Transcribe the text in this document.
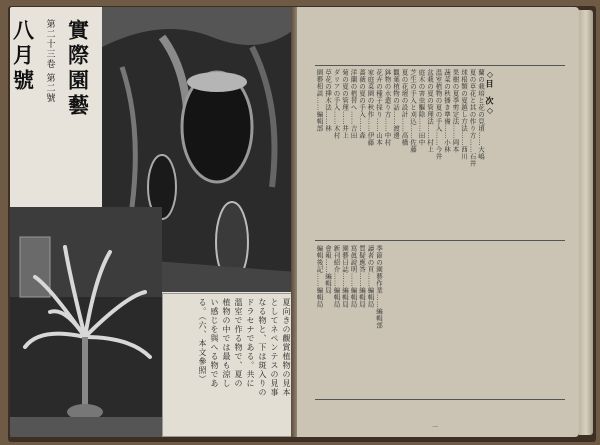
實際園藝
第二十三卷 第二號
八月號
夏向きの觀賞植物の見本
としてネペンテスの見事
なる物と、下は斑入りの
ドラセナである。共に
溫室で作る物で、夏の
植物の中では最も涼し
い感じを與へる物であ
る。（六、本文參照）
◇目　次◇
蘭の栽培と花の見頃……大嶋
夏の草花と其の作り方……石井
球根類の夏越し方法……西川
果樹の夏季剪定法……岡本
蔬菜の秋播き準備……小林
温室植物の夏の手入……今井
盆栽の夏の管理法……村上
庭木の害虫驅除……田中
芝生の手入と刈込……佐藤
夏の花壇の設計……高橋
觀葉植物の話……渡邊
鉢物の水遣り方……中村
花卉の種子採り……山本
家庭菜園の秋作……伊藤
薔薇の夏の手入……森
洋蘭の植替へ……吉田
菊の夏の管理……井上
ダリアの手入……木村
草花の挿木法……林
園藝相談……編輯部
季節の園藝作業……編輯部
讀者の頁……編輯局
質疑應答……編輯局
寫眞說明……編輯局
園藝日誌……編輯局
新刊紹介……編輯局
會報……編輯局
編輯後記……編輯局
一
